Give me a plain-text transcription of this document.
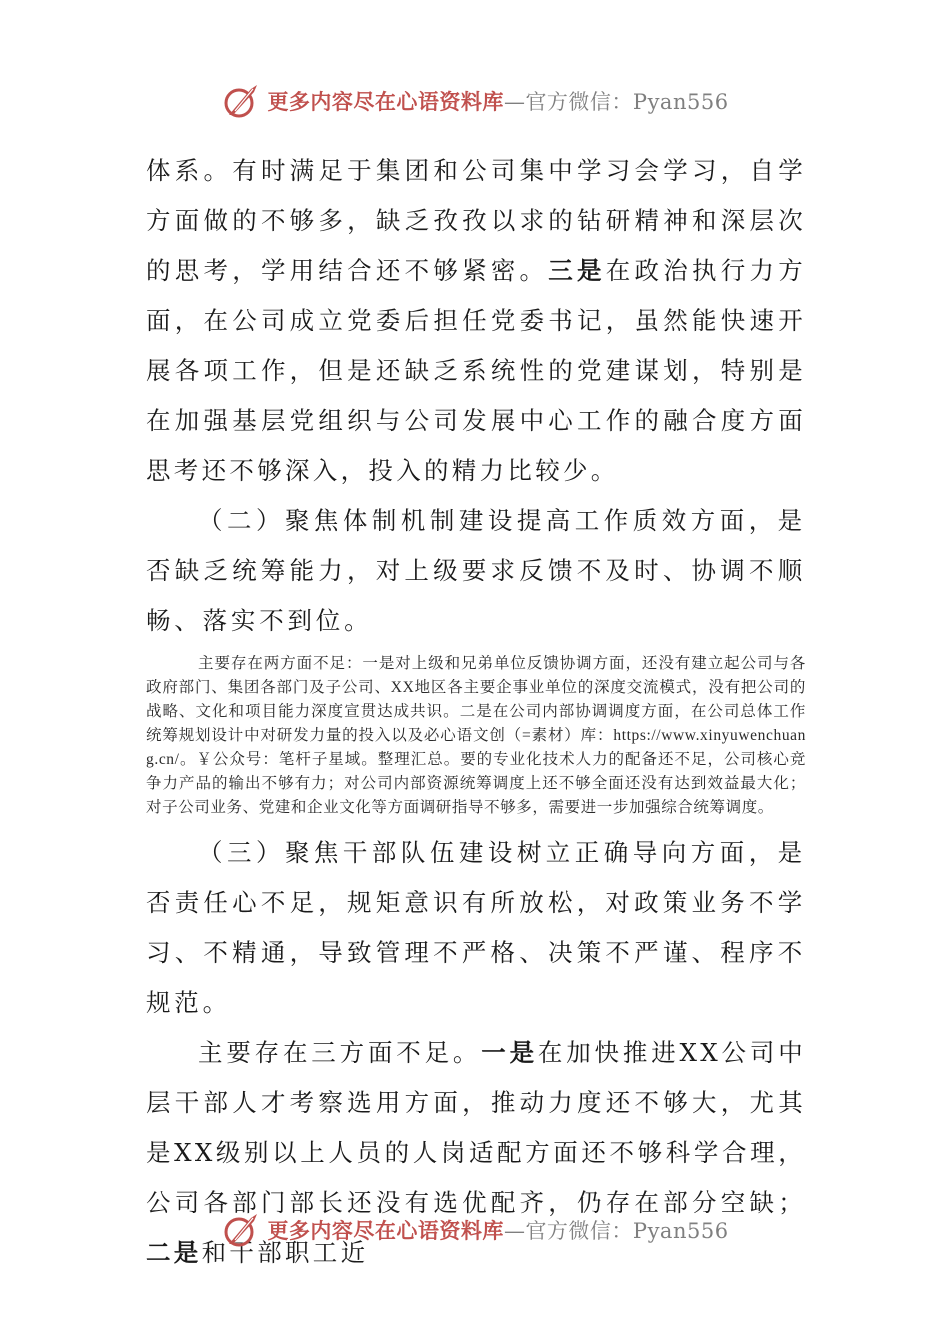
更多内容尽在心语资料库—官方微信：Pyan556

体系。有时满足于集团和公司集中学习会学习，自学方面做的不够多，缺乏孜孜以求的钻研精神和深层次的思考，学用结合还不够紧密。三是在政治执行力方面，在公司成立党委后担任党委书记，虽然能快速开展各项工作，但是还缺乏系统性的党建谋划，特别是在加强基层党组织与公司发展中心工作的融合度方面思考还不够深入，投入的精力比较少。

（二）聚焦体制机制建设提高工作质效方面，是否缺乏统筹能力，对上级要求反馈不及时、协调不顺畅、落实不到位。

主要存在两方面不足：一是对上级和兄弟单位反馈协调方面，还没有建立起公司与各政府部门、集团各部门及子公司、XX地区各主要企事业单位的深度交流模式，没有把公司的战略、文化和项目能力深度宣贯达成共识。二是在公司内部协调调度方面，在公司总体工作统筹规划设计中对研发力量的投入以及必心语文创（=素材）库：https://www.xinyuwenchuang.cn/。￥公众号：笔杆子星域。整理汇总。要的专业化技术人力的配备还不足，公司核心竞争力产品的输出不够有力；对公司内部资源统筹调度上还不够全面还没有达到效益最大化；对子公司业务、党建和企业文化等方面调研指导不够多，需要进一步加强综合统筹调度。

（三）聚焦干部队伍建设树立正确导向方面，是否责任心不足，规矩意识有所放松，对政策业务不学习、不精通，导致管理不严格、决策不严谨、程序不规范。

主要存在三方面不足。一是在加快推进XX公司中层干部人才考察选用方面，推动力度还不够大，尤其是XX级别以上人员的人岗适配方面还不够科学合理，公司各部门部长还没有选优配齐，仍存在部分空缺；二是和干部职工近

更多内容尽在心语资料库—官方微信：Pyan556
